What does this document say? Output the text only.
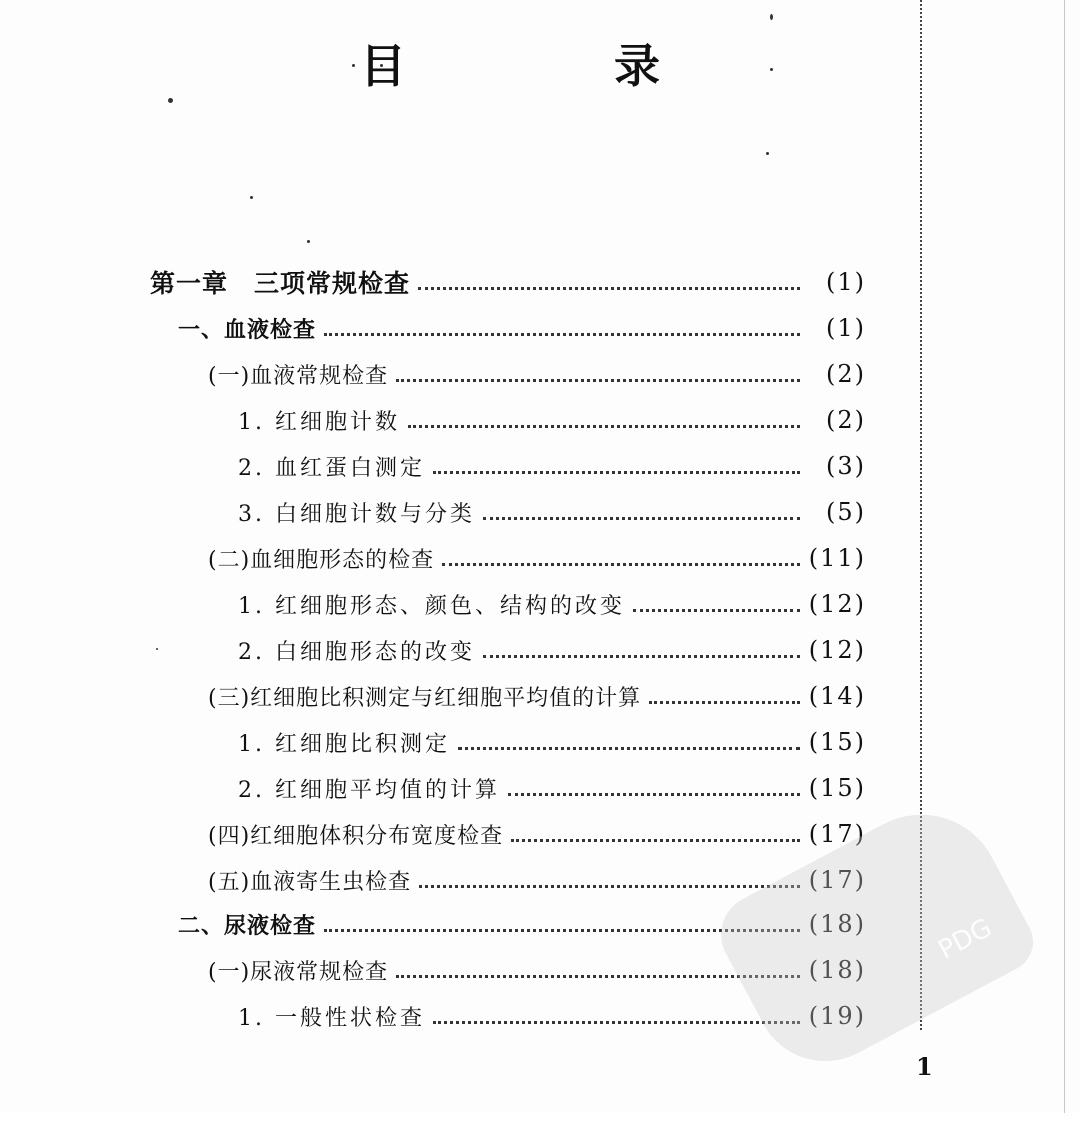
目 录
第一章　三项常规检查	(1)
一、血液检查	(1)
(一)血液常规检查	(2)
1. 红细胞计数	(2)
2. 血红蛋白测定	(3)
3. 白细胞计数与分类	(5)
(二)血细胞形态的检查	(11)
1. 红细胞形态、颜色、结构的改变	(12)
2. 白细胞形态的改变	(12)
(三)红细胞比积测定与红细胞平均值的计算	(14)
1. 红细胞比积测定	(15)
2. 红细胞平均值的计算	(15)
(四)红细胞体积分布宽度检查	(17)
(五)血液寄生虫检查	(17)
二、尿液检查	(18)
(一)尿液常规检查	(18)
1. 一般性状检查	(19)
PDG
1
